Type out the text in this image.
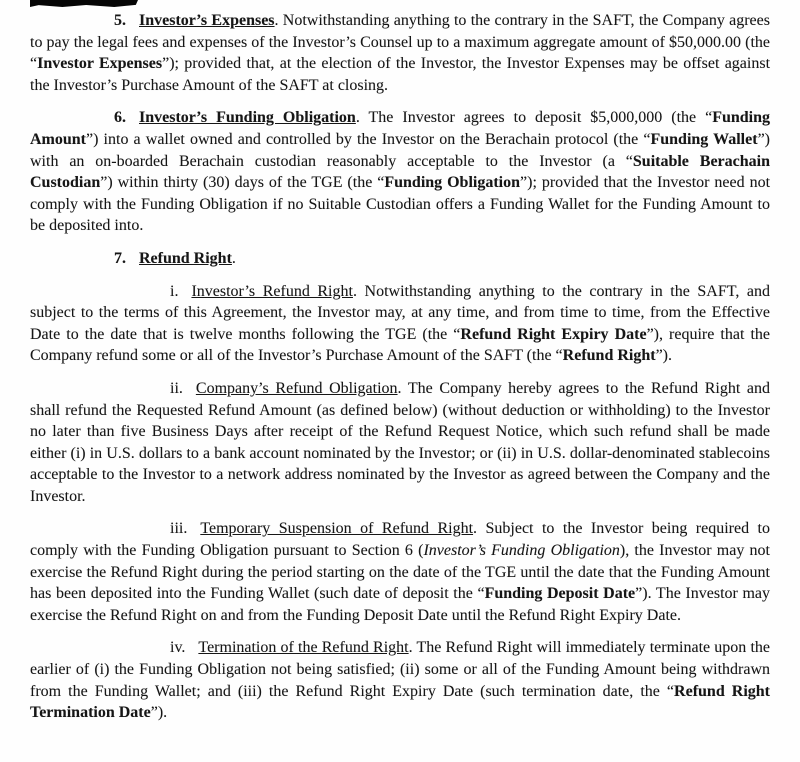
5. Investor’s Expenses. Notwithstanding anything to the contrary in the SAFT, the Company agrees to pay the legal fees and expenses of the Investor’s Counsel up to a maximum aggregate amount of $50,000.00 (the “Investor Expenses”); provided that, at the election of the Investor, the Investor Expenses may be offset against the Investor’s Purchase Amount of the SAFT at closing.

6. Investor’s Funding Obligation. The Investor agrees to deposit $5,000,000 (the “Funding Amount”) into a wallet owned and controlled by the Investor on the Berachain protocol (the “Funding Wallet”) with an on-boarded Berachain custodian reasonably acceptable to the Investor (a “Suitable Berachain Custodian”) within thirty (30) days of the TGE (the “Funding Obligation”); provided that the Investor need not comply with the Funding Obligation if no Suitable Custodian offers a Funding Wallet for the Funding Amount to be deposited into.

7. Refund Right.

i. Investor’s Refund Right. Notwithstanding anything to the contrary in the SAFT, and subject to the terms of this Agreement, the Investor may, at any time, and from time to time, from the Effective Date to the date that is twelve months following the TGE (the “Refund Right Expiry Date”), require that the Company refund some or all of the Investor’s Purchase Amount of the SAFT (the “Refund Right”).

ii. Company’s Refund Obligation. The Company hereby agrees to the Refund Right and shall refund the Requested Refund Amount (as defined below) (without deduction or withholding) to the Investor no later than five Business Days after receipt of the Refund Request Notice, which such refund shall be made either (i) in U.S. dollars to a bank account nominated by the Investor; or (ii) in U.S. dollar-denominated stablecoins acceptable to the Investor to a network address nominated by the Investor as agreed between the Company and the Investor.

iii. Temporary Suspension of Refund Right. Subject to the Investor being required to comply with the Funding Obligation pursuant to Section 6 (Investor’s Funding Obligation), the Investor may not exercise the Refund Right during the period starting on the date of the TGE until the date that the Funding Amount has been deposited into the Funding Wallet (such date of deposit the “Funding Deposit Date”). The Investor may exercise the Refund Right on and from the Funding Deposit Date until the Refund Right Expiry Date.

iv. Termination of the Refund Right. The Refund Right will immediately terminate upon the earlier of (i) the Funding Obligation not being satisfied; (ii) some or all of the Funding Amount being withdrawn from the Funding Wallet; and (iii) the Refund Right Expiry Date (such termination date, the “Refund Right Termination Date”).
